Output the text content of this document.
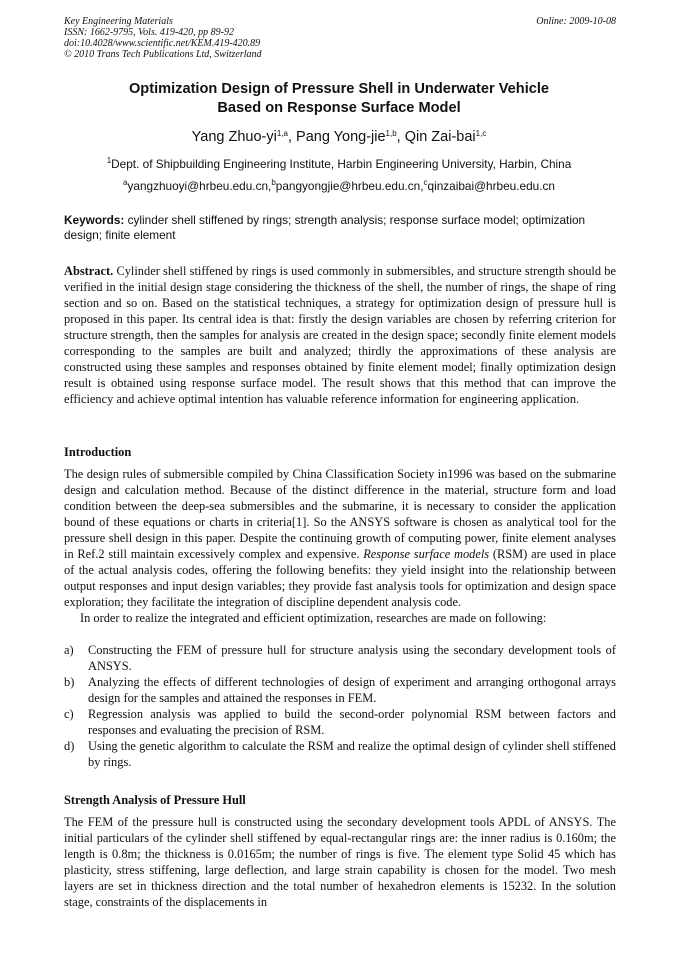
Key Engineering Materials
ISSN: 1662-9795, Vols. 419-420, pp 89-92
doi:10.4028/www.scientific.net/KEM.419-420.89
© 2010 Trans Tech Publications Ltd, Switzerland
Online: 2009-10-08
Optimization Design of Pressure Shell in Underwater Vehicle
Based on Response Surface Model
Yang Zhuo-yi$^{1,a}$, Pang Yong-jie$^{1,b}$, Qin Zai-bai$^{1,c}$
$^1$Dept. of Shipbuilding Engineering Institute, Harbin Engineering University, Harbin, China
$^a$yangzhuoyi@hrbeu.edu.cn,$^b$pangyongjie@hrbeu.edu.cn,$^c$qinzaibai@hrbeu.edu.cn
Keywords: cylinder shell stiffened by rings; strength analysis; response surface model; optimization design; finite element
Abstract. Cylinder shell stiffened by rings is used commonly in submersibles, and structure strength should be verified in the initial design stage considering the thickness of the shell, the number of rings, the shape of ring section and so on. Based on the statistical techniques, a strategy for optimization design of pressure hull is proposed in this paper. Its central idea is that: firstly the design variables are chosen by referring criterion for structure strength, then the samples for analysis are created in the design space; secondly finite element models corresponding to the samples are built and analyzed; thirdly the approximations of these analysis are constructed using these samples and responses obtained by finite element model; finally optimization design result is obtained using response surface model. The result shows that this method that can improve the efficiency and achieve optimal intention has valuable reference information for engineering application.
Introduction
The design rules of submersible compiled by China Classification Society in1996 was based on the submarine design and calculation method. Because of the distinct difference in the material, structure form and load condition between the deep-sea submersibles and the submarine, it is necessary to consider the application bound of these equations or charts in criteria[1]. So the ANSYS software is chosen as analytical tool for the pressure shell design in this paper. Despite the continuing growth of computing power, finite element analyses in Ref.2 still maintain excessively complex and expensive. Response surface models (RSM) are used in place of the actual analysis codes, offering the following benefits: they yield insight into the relationship between output responses and input design variables; they provide fast analysis tools for optimization and design space exploration; they facilitate the integration of discipline dependent analysis code.
In order to realize the integrated and efficient optimization, researches are made on following:
a) Constructing the FEM of pressure hull for structure analysis using the secondary development tools of ANSYS.
b) Analyzing the effects of different technologies of design of experiment and arranging orthogonal arrays design for the samples and attained the responses in FEM.
c) Regression analysis was applied to build the second-order polynomial RSM between factors and responses and evaluating the precision of RSM.
d) Using the genetic algorithm to calculate the RSM and realize the optimal design of cylinder shell stiffened by rings.
Strength Analysis of Pressure Hull
The FEM of the pressure hull is constructed using the secondary development tools APDL of ANSYS. The initial particulars of the cylinder shell stiffened by equal-rectangular rings are: the inner radius is 0.160m; the length is 0.8m; the thickness is 0.0165m; the number of rings is five. The element type Solid 45 which has plasticity, stress stiffening, large deflection, and large strain capability is chosen for the model. Two mesh layers are set in thickness direction and the total number of hexahedron elements is 15232. In the solution stage, constraints of the displacements in
